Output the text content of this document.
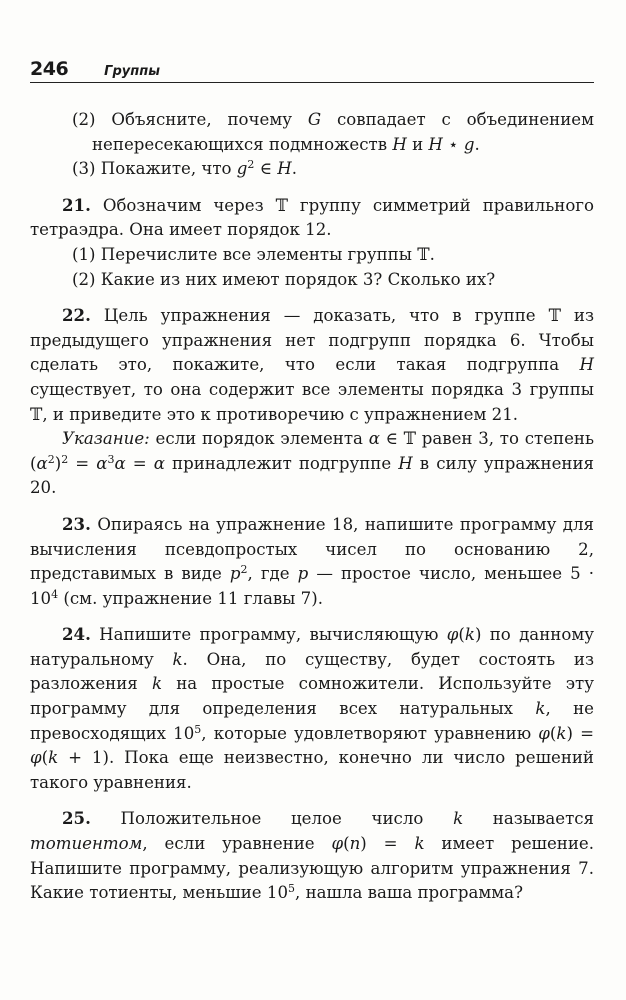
246	Группы

(2) Объясните, почему G совпадает с объединением непересекающихся подмножеств H и H ⋆ g.

(3) Покажите, что $g^2$ ∈ H.

21. Обозначим через 𝕋 группу симметрий правильного тетраэдра. Она имеет порядок 12.

(1) Перечислите все элементы группы 𝕋.

(2) Какие из них имеют порядок 3? Сколько их?

22. Цель упражнения — доказать, что в группе 𝕋 из предыдущего упражнения нет подгрупп порядка 6. Чтобы сделать это, покажите, что если такая подгруппа H существует, то она содержит все элементы порядка 3 группы 𝕋, и приведите это к противоречию с упражнением 21.

Указание: если порядок элемента α ∈ 𝕋 равен 3, то степень $(\alpha^2)^2 = \alpha^3\alpha = \alpha$ принадлежит подгруппе H в силу упражнения 20.

23. Опираясь на упражнение 18, напишите программу для вычисления псевдопростых чисел по основанию 2, представимых в виде $p^2$, где p — простое число, меньшее $5 \cdot 10^4$ (см. упражнение 11 главы 7).

24. Напишите программу, вычисляющую φ(k) по данному натуральному k. Она, по существу, будет состоять из разложения k на простые сомножители. Используйте эту программу для определения всех натуральных k, не превосходящих $10^5$, которые удовлетворяют уравнению φ(k) = φ(k + 1). Пока еще неизвестно, конечно ли число решений такого уравнения.

25. Положительное целое число k называется тотиентом, если уравнение φ(n) = k имеет решение. Напишите программу, реализующую алгоритм упражнения 7. Какие тотиенты, меньшие $10^5$, нашла ваша программа?
